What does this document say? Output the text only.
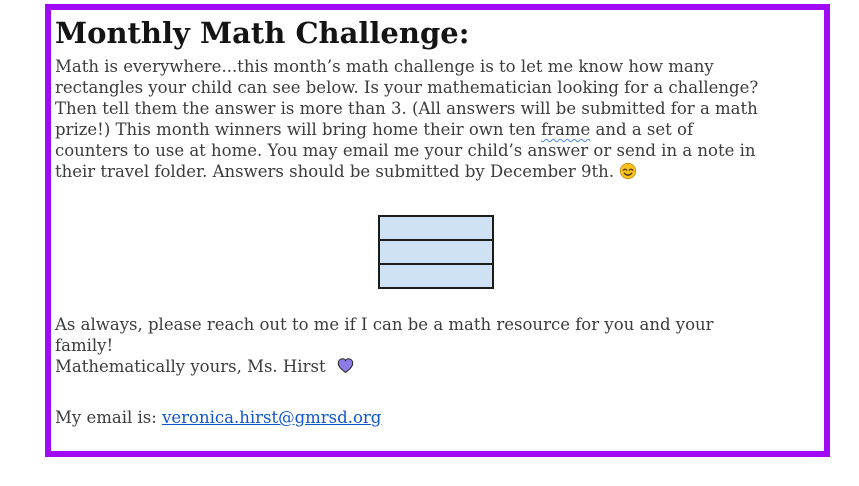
Monthly Math Challenge:
Math is everywhere...this month’s math challenge is to let me know how many
rectangles your child can see below. Is your mathematician looking for a challenge?
Then tell them the answer is more than 3. (All answers will be submitted for a math
prize!) This month winners will bring home their own ten frame and a set of
counters to use at home. You may email me your child’s answer or send in a note in
their travel folder. Answers should be submitted by December 9th.
As always, please reach out to me if I can be a math resource for you and your
family!
Mathematically yours, Ms. Hirst
My email is: veronica.hirst@gmrsd.org
